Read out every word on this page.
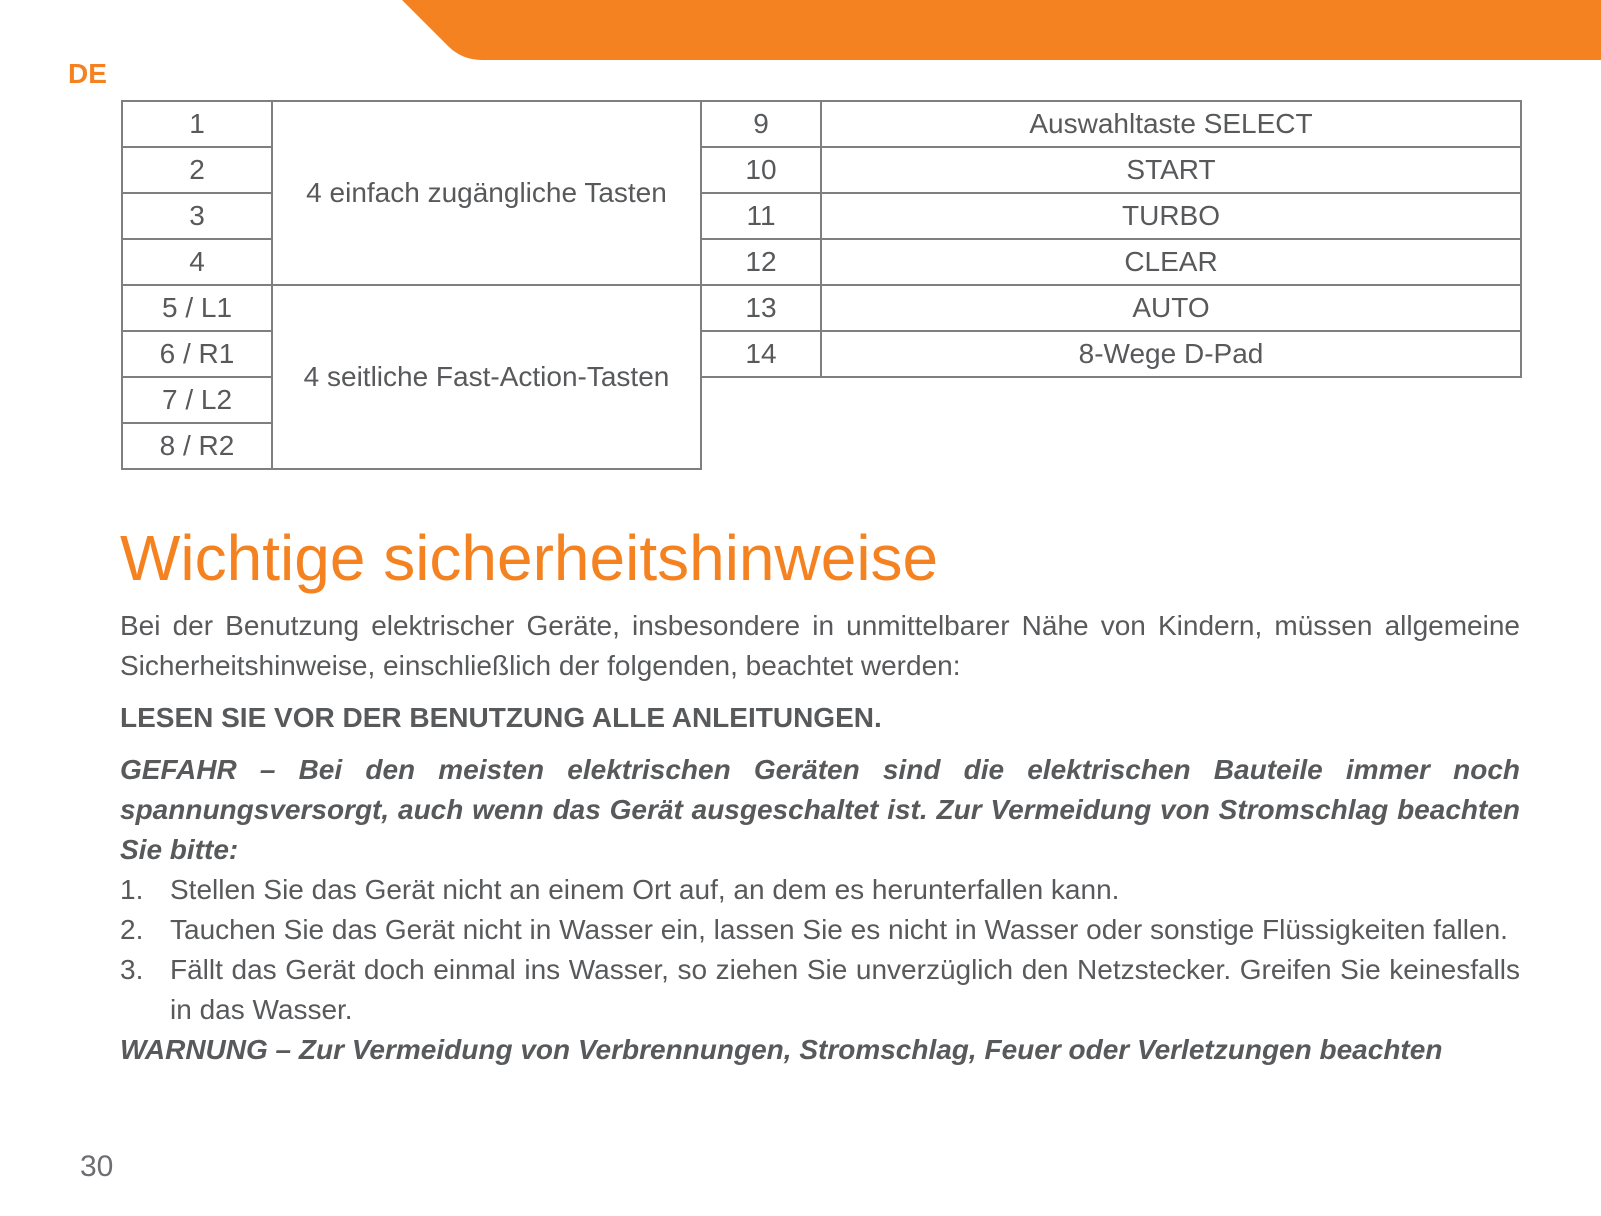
DE

1	4 einfach zugängliche Tasten
2	
3	
4	
5 / L1	4 seitliche Fast-Action-Tasten
6 / R1	
7 / L2	
8 / R2	
9	Auswahltaste SELECT
10	START
11	TURBO
12	CLEAR
13	AUTO
14	8-Wege D-Pad
Wichtige sicherheitshinweise

Bei der Benutzung elektrischer Geräte, insbesondere in unmittelbarer Nähe von Kindern, müssen allgemeine Sicherheitshinweise, einschließlich der folgenden, beachtet werden:

LESEN SIE VOR DER BENUTZUNG ALLE ANLEITUNGEN.

GEFAHR – Bei den meisten elektrischen Geräten sind die elektrischen Bauteile immer noch spannungsversorgt, auch wenn das Gerät ausgeschaltet ist. Zur Vermeidung von Stromschlag beachten Sie bitte:

1. Stellen Sie das Gerät nicht an einem Ort auf, an dem es herunterfallen kann.
2. Tauchen Sie das Gerät nicht in Wasser ein, lassen Sie es nicht in Wasser oder sonstige Flüssigkeiten fallen.
3. Fällt das Gerät doch einmal ins Wasser, so ziehen Sie unverzüglich den Netzstecker. Greifen Sie keinesfalls in das Wasser.

WARNUNG – Zur Vermeidung von Verbrennungen, Stromschlag, Feuer oder Verletzungen beachten

30
